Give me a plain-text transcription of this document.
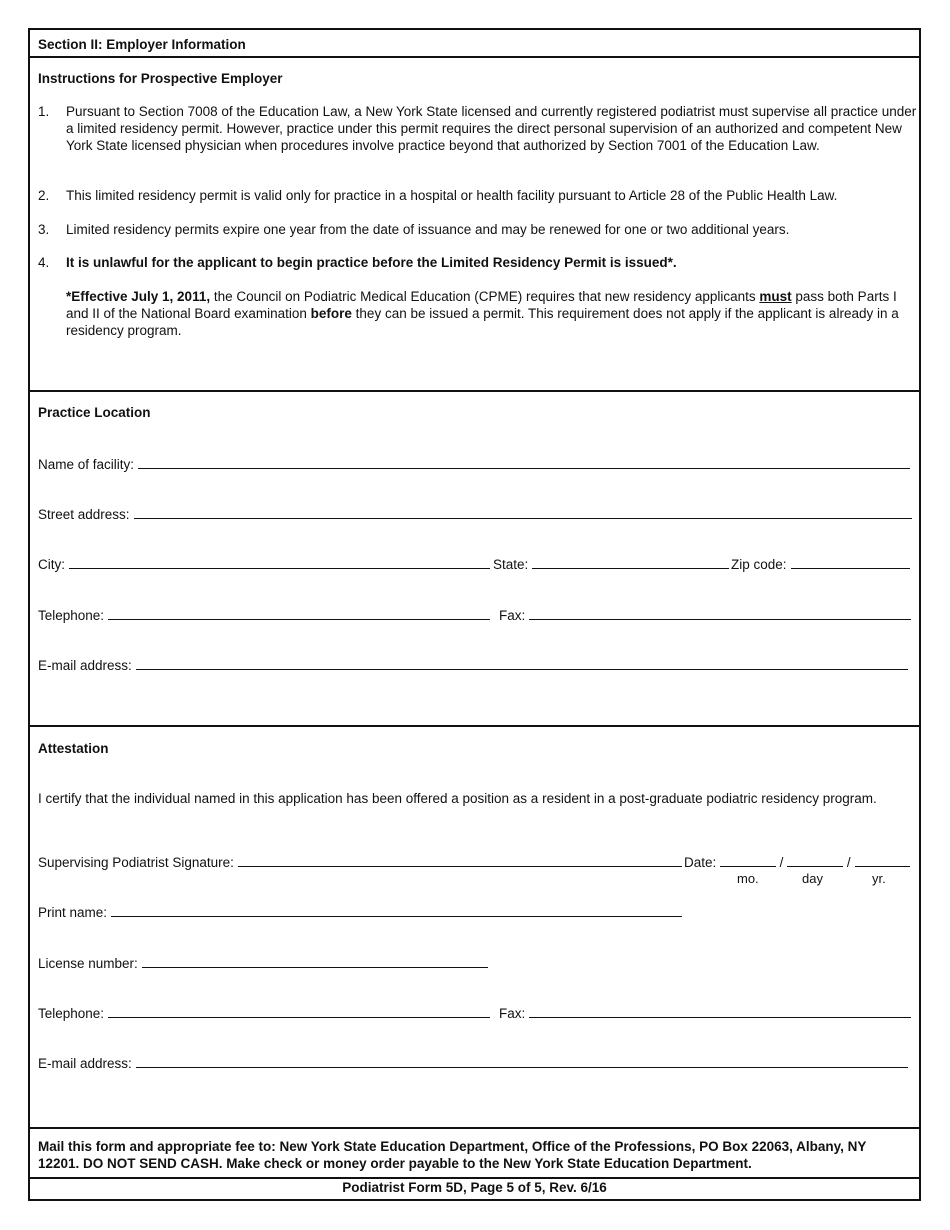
Section II: Employer Information
Instructions for Prospective Employer
1. Pursuant to Section 7008 of the Education Law, a New York State licensed and currently registered podiatrist must supervise all practice under a limited residency permit. However, practice under this permit requires the direct personal supervision of an authorized and competent New York State licensed physician when procedures involve practice beyond that authorized by Section 7001 of the Education Law.
2. This limited residency permit is valid only for practice in a hospital or health facility pursuant to Article 28 of the Public Health Law.
3. Limited residency permits expire one year from the date of issuance and may be renewed for one or two additional years.
4. It is unlawful for the applicant to begin practice before the Limited Residency Permit is issued*.
*Effective July 1, 2011, the Council on Podiatric Medical Education (CPME) requires that new residency applicants must pass both Parts I and II of the National Board examination before they can be issued a permit. This requirement does not apply if the applicant is already in a residency program.
Practice Location
Name of facility:
Street address:
City:	State:	Zip code:
Telephone:	Fax:
E-mail address:
Attestation
I certify that the individual named in this application has been offered a position as a resident in a post-graduate podiatric residency program.
Supervising Podiatrist Signature:	Date:	/	/
mo.	day	yr.
Print name:
License number:
Telephone:	Fax:
E-mail address:
Mail this form and appropriate fee to: New York State Education Department, Office of the Professions, PO Box 22063, Albany, NY 12201. DO NOT SEND CASH. Make check or money order payable to the New York State Education Department.
Podiatrist Form 5D, Page 5 of 5, Rev. 6/16
